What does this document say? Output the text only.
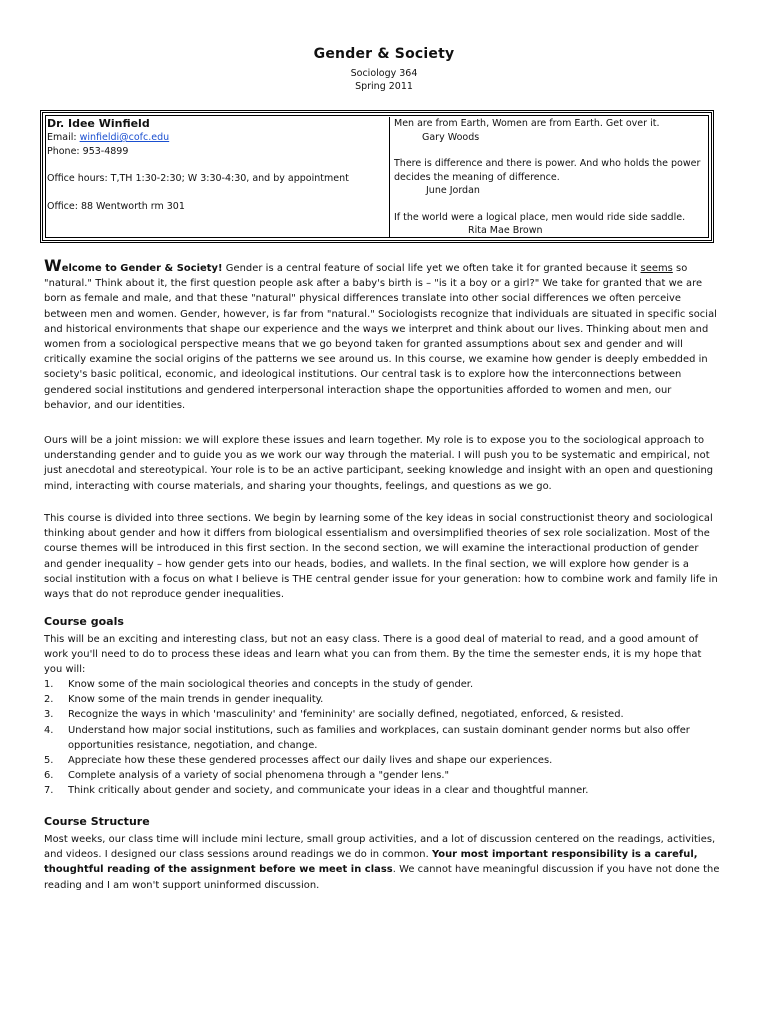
Gender & Society
Sociology 364
Spring 2011
Dr. Idee Winfield
Email: winfieldi@cofc.edu
Phone: 953-4899
Office hours: T,TH 1:30-2:30; W 3:30-4:30, and by appointment
Office: 88 Wentworth rm 301
Men are from Earth, Women are from Earth. Get over it.
Gary Woods
There is difference and there is power. And who holds the power decides the meaning of difference.
June Jordan
If the world were a logical place, men would ride side saddle.
Rita Mae Brown
Welcome to Gender & Society! Gender is a central feature of social life yet we often take it for granted because it seems so "natural." Think about it, the first question people ask after a baby's birth is – "is it a boy or a girl?" We take for granted that we are born as female and male, and that these "natural" physical differences translate into other social differences we often perceive between men and women. Gender, however, is far from "natural." Sociologists recognize that individuals are situated in specific social and historical environments that shape our experience and the ways we interpret and think about our lives. Thinking about men and women from a sociological perspective means that we go beyond taken for granted assumptions about sex and gender and will critically examine the social origins of the patterns we see around us. In this course, we examine how gender is deeply embedded in society's basic political, economic, and ideological institutions. Our central task is to explore how the interconnections between gendered social institutions and gendered interpersonal interaction shape the opportunities afforded to women and men, our behavior, and our identities.
Ours will be a joint mission: we will explore these issues and learn together. My role is to expose you to the sociological approach to understanding gender and to guide you as we work our way through the material. I will push you to be systematic and empirical, not just anecdotal and stereotypical. Your role is to be an active participant, seeking knowledge and insight with an open and questioning mind, interacting with course materials, and sharing your thoughts, feelings, and questions as we go.
This course is divided into three sections. We begin by learning some of the key ideas in social constructionist theory and sociological thinking about gender and how it differs from biological essentialism and oversimplified theories of sex role socialization. Most of the course themes will be introduced in this first section. In the second section, we will examine the interactional production of gender and gender inequality – how gender gets into our heads, bodies, and wallets. In the final section, we will explore how gender is a social institution with a focus on what I believe is THE central gender issue for your generation: how to combine work and family life in ways that do not reproduce gender inequalities.
Course goals
This will be an exciting and interesting class, but not an easy class. There is a good deal of material to read, and a good amount of work you'll need to do to process these ideas and learn what you can from them. By the time the semester ends, it is my hope that you will:
1.	Know some of the main sociological theories and concepts in the study of gender.
2.	Know some of the main trends in gender inequality.
3.	Recognize the ways in which 'masculinity' and 'femininity' are socially defined, negotiated, enforced, & resisted.
4.	Understand how major social institutions, such as families and workplaces, can sustain dominant gender norms but also offer opportunities resistance, negotiation, and change.
5.	Appreciate how these these gendered processes affect our daily lives and shape our experiences.
6.	Complete analysis of a variety of social phenomena through a "gender lens."
7.	Think critically about gender and society, and communicate your ideas in a clear and thoughtful manner.
Course Structure
Most weeks, our class time will include mini lecture, small group activities, and a lot of discussion centered on the readings, activities, and videos. I designed our class sessions around readings we do in common. Your most important responsibility is a careful, thoughtful reading of the assignment before we meet in class. We cannot have meaningful discussion if you have not done the reading and I am won't support uninformed discussion.
